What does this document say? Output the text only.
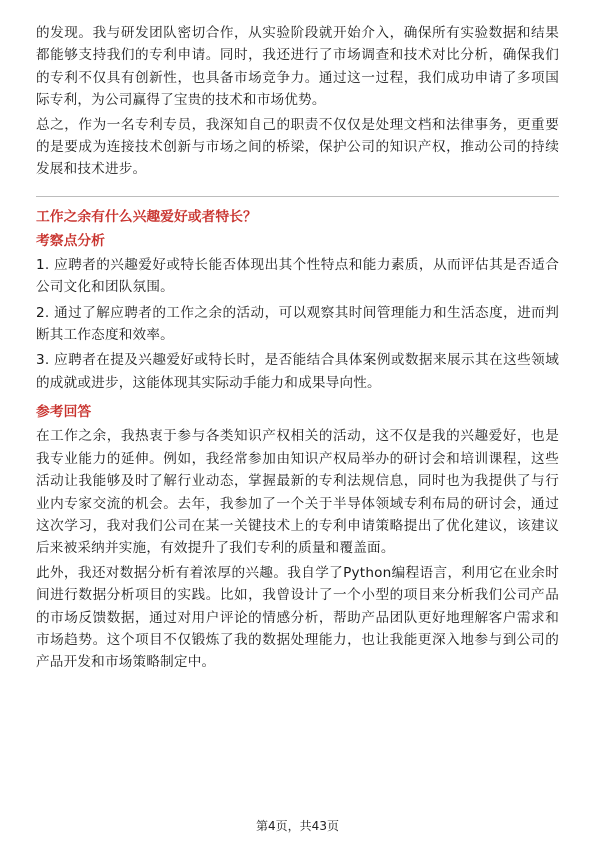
的发现。我与研发团队密切合作，从实验阶段就开始介入，确保所有实验数据和结果都能够支持我们的专利申请。同时，我还进行了市场调查和技术对比分析，确保我们的专利不仅具有创新性，也具备市场竞争力。通过这一过程，我们成功申请了多项国际专利，为公司赢得了宝贵的技术和市场优势。

总之，作为一名专利专员，我深知自己的职责不仅仅是处理文档和法律事务，更重要的是要成为连接技术创新与市场之间的桥梁，保护公司的知识产权，推动公司的持续发展和技术进步。

工作之余有什么兴趣爱好或者特长？
考察点分析

1. 应聘者的兴趣爱好或特长能否体现出其个性特点和能力素质，从而评估其是否适合公司文化和团队氛围。

2. 通过了解应聘者的工作之余的活动，可以观察其时间管理能力和生活态度，进而判断其工作态度和效率。

3. 应聘者在提及兴趣爱好或特长时，是否能结合具体案例或数据来展示其在这些领域的成就或进步，这能体现其实际动手能力和成果导向性。

参考回答

在工作之余，我热衷于参与各类知识产权相关的活动，这不仅是我的兴趣爱好，也是我专业能力的延伸。例如，我经常参加由知识产权局举办的研讨会和培训课程，这些活动让我能够及时了解行业动态，掌握最新的专利法规信息，同时也为我提供了与行业内专家交流的机会。去年，我参加了一个关于半导体领域专利布局的研讨会，通过这次学习，我对我们公司在某一关键技术上的专利申请策略提出了优化建议，该建议后来被采纳并实施，有效提升了我们专利的质量和覆盖面。

此外，我还对数据分析有着浓厚的兴趣。我自学了Python编程语言，利用它在业余时间进行数据分析项目的实践。比如，我曾设计了一个小型的项目来分析我们公司产品的市场反馈数据，通过对用户评论的情感分析，帮助产品团队更好地理解客户需求和市场趋势。这个项目不仅锻炼了我的数据处理能力，也让我能更深入地参与到公司的产品开发和市场策略制定中。

第4页，共43页
